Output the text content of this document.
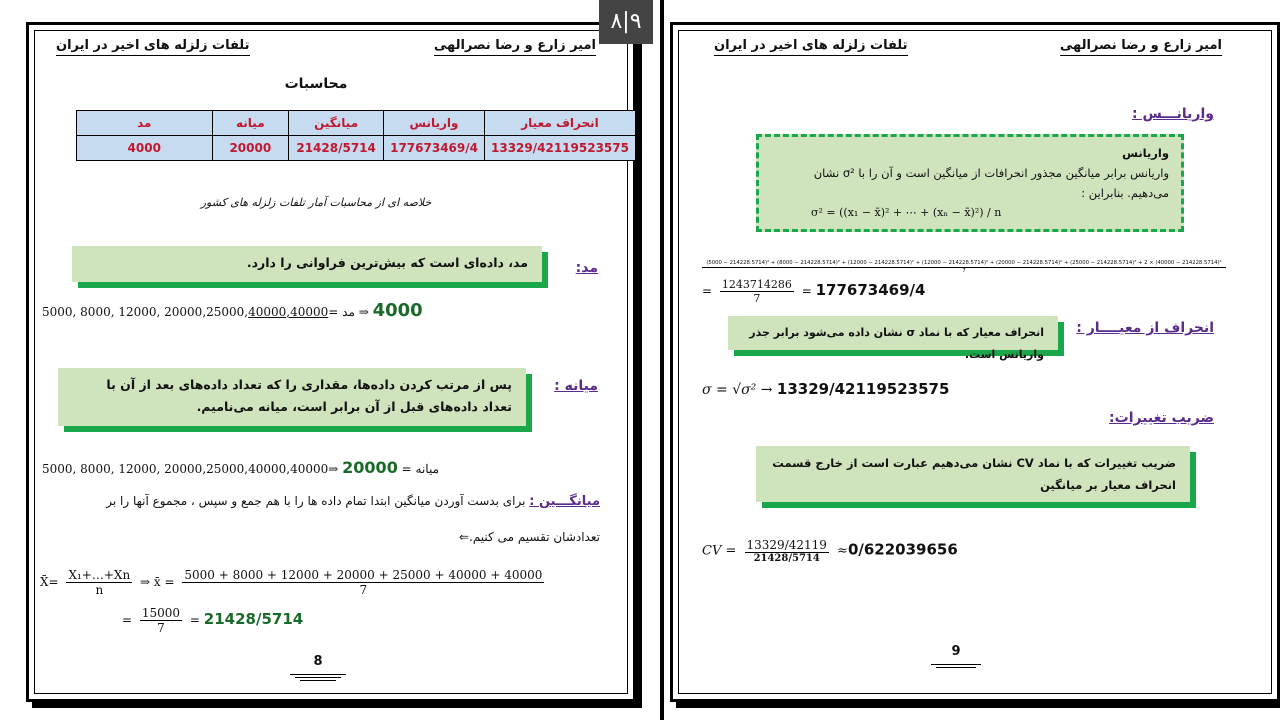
امیر زارع و رضا نصرالهی
تلفات زلزله های اخیر در ایران
محاسبات
مد	میانه	میانگین	واریانس	انحراف معیار
4000	20000	21428/5714	177673469/4	13329/42119523575
خلاصه ای از محاسبات آمار تلفات زلزله های کشور
مد:
مد، داده‌ای است که بیش‌ترین فراوانی را دارد.
5000, 8000, 12000, 20000,25000,40000,40000⇒ مد = 4000
میانه :
پس از مرتب کردن داده‌ها، مقداری را که تعداد داده‌های بعد از آن با
تعداد داده‌های قبل از آن برابر است، میانه می‌نامیم.
5000, 8000, 12000, 20000,25000,40000,40000⇒ میانه = 20000
میانگـــین : برای بدست آوردن میانگین ابتدا تمام داده ها را با هم جمع و سپس ، مجموع آنها را بر
تعدادشان تقسیم می کنیم.⇐
X̄= $\frac{\text{X₁+…+Xn}}{n}$ ⇒ x̄ = $\frac{5000 + 8000 + 12000 + 20000 + 25000 + 40000 + 40000}{7}$
= $\frac{15000}{7} = 21428/5714$
8
۸|۹
امیر زارع و رضا نصرالهی
تلفات زلزله های اخیر در ایران
واریانـــس :
واریانس
واریانس برابر میانگین مجذور انحرافات از میانگین است و آن را با σ² نشان
می‌دهیم. بنابراین :
σ² = ((x₁ − x̄)² + ⋯ + (xₙ − x̄)²) / n
(5000 − 214228.5714)² + (8000 − 214228.5714)² + (12000 − 214228.5714)² + (12000 − 214228.5714)² + (20000 − 214228.5714)² + (25000 − 214228.5714)² + 2 × (40000 − 214228.5714)²
7
= $\frac{1243714286}{7} = 177673469/4$
انحراف از معیــــار :
انحراف معیار که با نماد σ نشان داده می‌شود برابر جذر واریانس است.
σ = √σ² → 13329/42119523575
ضریب تغییرات:
ضریب تغییرات که با نماد CV نشان می‌دهیم عبارت است از خارج قسمت
انحراف معیار بر میانگین
CV = $\frac{13329/42119}{21428/5714} \approx 0/622039656$
9
